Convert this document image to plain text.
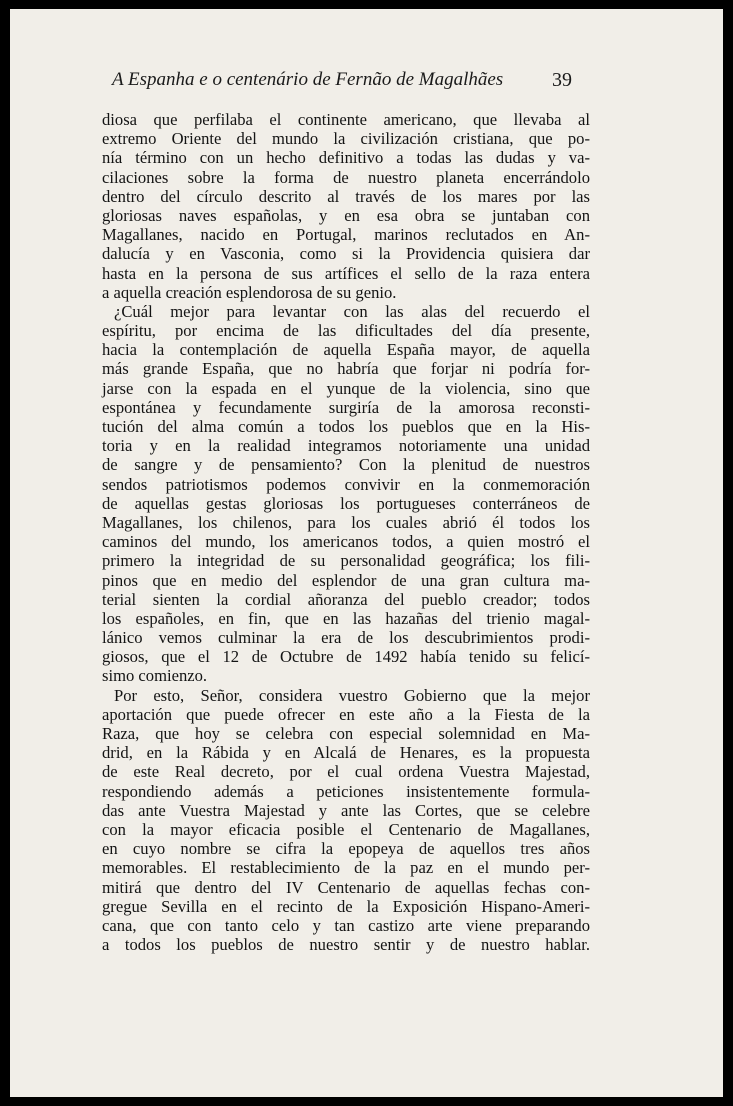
A Espanha e o centenário de Fernão de Magalhães	39
diosa que perfilaba el continente americano, que llevaba al
extremo Oriente del mundo la civilización cristiana, que po-
nía término con un hecho definitivo a todas las dudas y va-
cilaciones sobre la forma de nuestro planeta encerrándolo
dentro del círculo descrito al través de los mares por las
gloriosas naves españolas, y en esa obra se juntaban con
Magallanes, nacido en Portugal, marinos reclutados en An-
dalucía y en Vasconia, como si la Providencia quisiera dar
hasta en la persona de sus artífices el sello de la raza entera
a aquella creación esplendorosa de su genio.
¿Cuál mejor para levantar con las alas del recuerdo el
espíritu, por encima de las dificultades del día presente,
hacia la contemplación de aquella España mayor, de aquella
más grande España, que no habría que forjar ni podría for-
jarse con la espada en el yunque de la violencia, sino que
espontánea y fecundamente surgiría de la amorosa reconsti-
tución del alma común a todos los pueblos que en la His-
toria y en la realidad integramos notoriamente una unidad
de sangre y de pensamiento? Con la plenitud de nuestros
sendos patriotismos podemos convivir en la conmemoración
de aquellas gestas gloriosas los portugueses conterráneos de
Magallanes, los chilenos, para los cuales abrió él todos los
caminos del mundo, los americanos todos, a quien mostró el
primero la integridad de su personalidad geográfica; los fili-
pinos que en medio del esplendor de una gran cultura ma-
terial sienten la cordial añoranza del pueblo creador; todos
los españoles, en fin, que en las hazañas del trienio magal-
lánico vemos culminar la era de los descubrimientos prodi-
giosos, que el 12 de Octubre de 1492 había tenido su felicí-
simo comienzo.
Por esto, Señor, considera vuestro Gobierno que la mejor
aportación que puede ofrecer en este año a la Fiesta de la
Raza, que hoy se celebra con especial solemnidad en Ma-
drid, en la Rábida y en Alcalá de Henares, es la propuesta
de este Real decreto, por el cual ordena Vuestra Majestad,
respondiendo además a peticiones insistentemente formula-
das ante Vuestra Majestad y ante las Cortes, que se celebre
con la mayor eficacia posible el Centenario de Magallanes,
en cuyo nombre se cifra la epopeya de aquellos tres años
memorables. El restablecimiento de la paz en el mundo per-
mitirá que dentro del IV Centenario de aquellas fechas con-
gregue Sevilla en el recinto de la Exposición Hispano-Ameri-
cana, que con tanto celo y tan castizo arte viene preparando
a todos los pueblos de nuestro sentir y de nuestro hablar.
